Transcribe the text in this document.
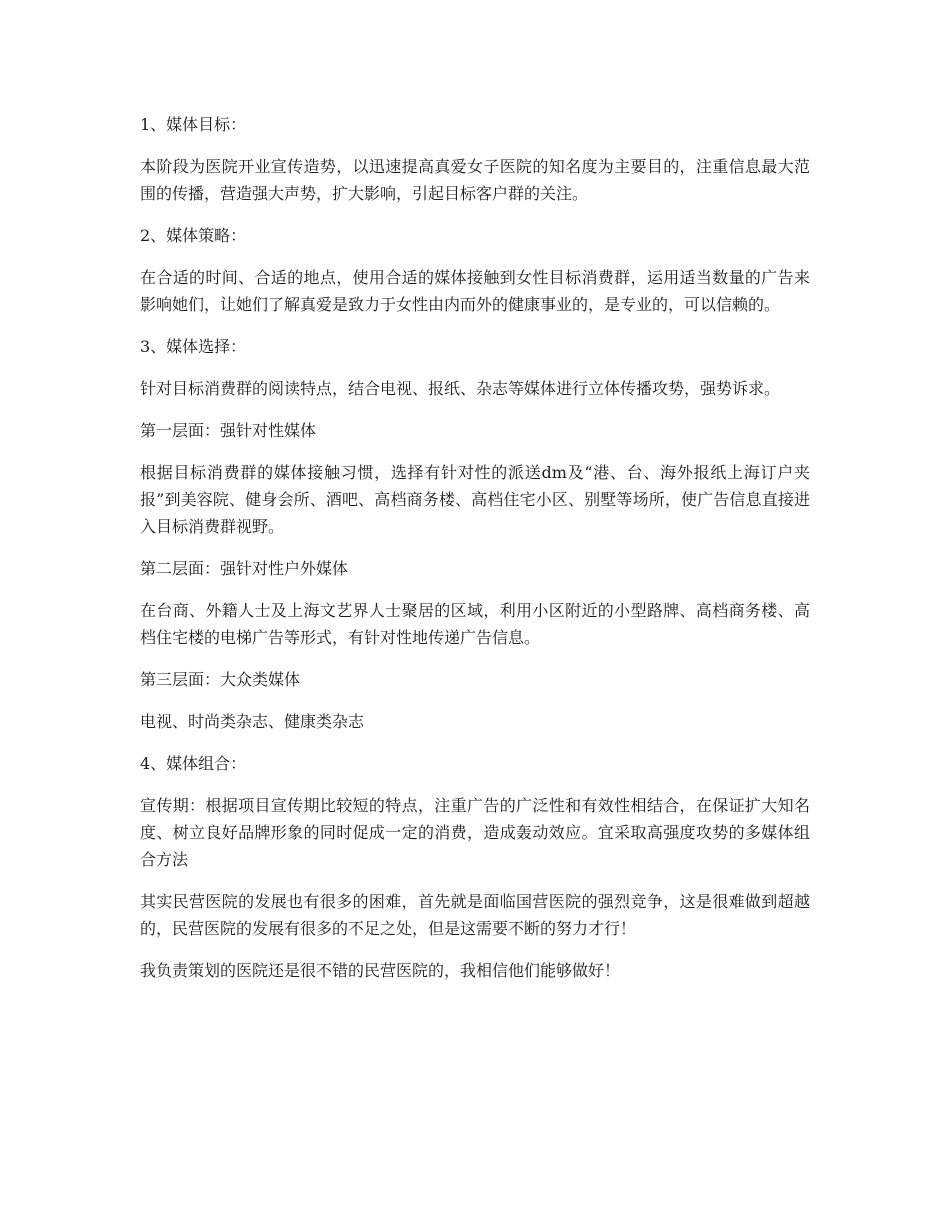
1、媒体目标：

本阶段为医院开业宣传造势，以迅速提高真爱女子医院的知名度为主要目的，注重信息最大范围的传播，营造强大声势，扩大影响，引起目标客户群的关注。

2、媒体策略：

在合适的时间、合适的地点，使用合适的媒体接触到女性目标消费群，运用适当数量的广告来影响她们，让她们了解真爱是致力于女性由内而外的健康事业的，是专业的，可以信赖的。

3、媒体选择：

针对目标消费群的阅读特点，结合电视、报纸、杂志等媒体进行立体传播攻势，强势诉求。

第一层面：强针对性媒体

根据目标消费群的媒体接触习惯，选择有针对性的派送dm及“港、台、海外报纸上海订户夹报”到美容院、健身会所、酒吧、高档商务楼、高档住宅小区、别墅等场所，使广告信息直接进入目标消费群视野。

第二层面：强针对性户外媒体

在台商、外籍人士及上海文艺界人士聚居的区域，利用小区附近的小型路牌、高档商务楼、高档住宅楼的电梯广告等形式，有针对性地传递广告信息。

第三层面：大众类媒体

电视、时尚类杂志、健康类杂志

4、媒体组合：

宣传期：根据项目宣传期比较短的特点，注重广告的广泛性和有效性相结合，在保证扩大知名度、树立良好品牌形象的同时促成一定的消费，造成轰动效应。宜采取高强度攻势的多媒体组合方法

其实民营医院的发展也有很多的困难，首先就是面临国营医院的强烈竞争，这是很难做到超越的，民营医院的发展有很多的不足之处，但是这需要不断的努力才行！

我负责策划的医院还是很不错的民营医院的，我相信他们能够做好！
